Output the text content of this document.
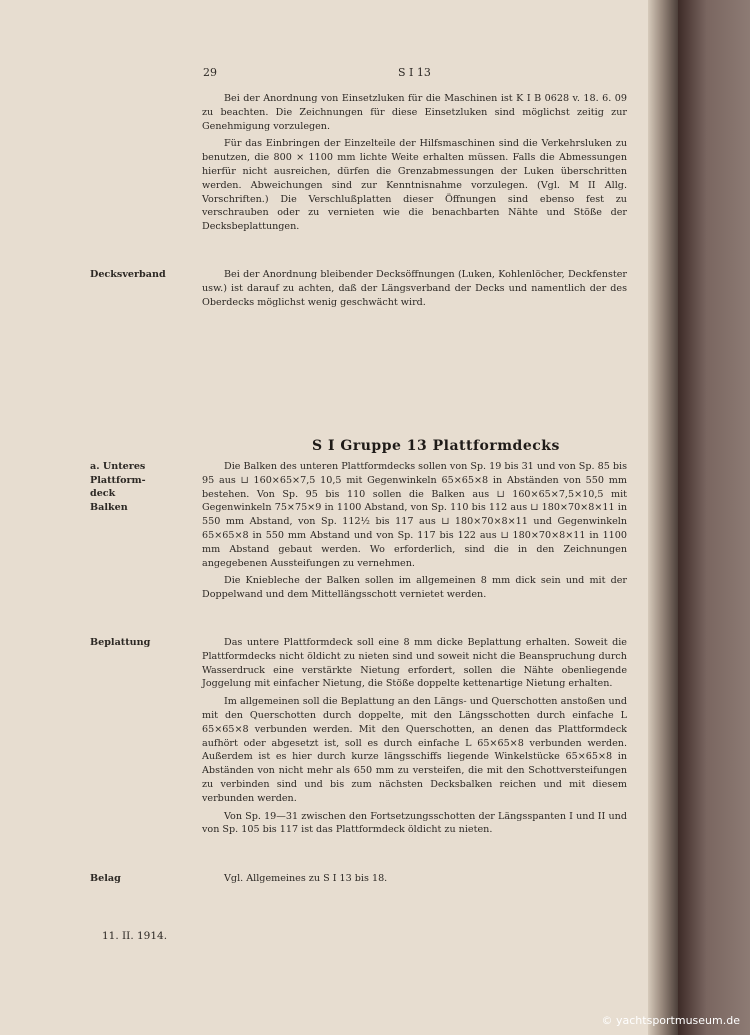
29	S I 13

Bei der Anordnung von Einsetzluken für die Maschinen ist K I B 0628 v. 18. 6. 09 zu beachten. Die Zeichnungen für diese Einsetzluken sind möglichst zeitig zur Genehmigung vorzulegen.

Für das Einbringen der Einzelteile der Hilfsmaschinen sind die Verkehrsluken zu benutzen, die 800 × 1100 mm lichte Weite erhalten müssen. Falls die Abmessungen hierfür nicht ausreichen, dürfen die Grenzabmessungen der Luken überschritten werden. Abweichungen sind zur Kenntnisnahme vorzulegen. (Vgl. M II Allg. Vorschriften.) Die Verschlußplatten dieser Öffnungen sind ebenso fest zu verschrauben oder zu vernieten wie die benachbarten Nähte und Stöße der Decksbeplattungen.

Decksverband	Bei der Anordnung bleibender Decksöffnungen (Luken, Kohlenlöcher, Deckfenster usw.) ist darauf zu achten, daß der Längsverband der Decks und namentlich der des Oberdecks möglichst wenig geschwächt wird.

S I Gruppe 13 Plattformdecks
a. Unteres Plattform-
deck
Balken

Die Balken des unteren Plattformdecks sollen von Sp. 19 bis 31 und von Sp. 85 bis 95 aus ⊔ 160×65×7,5 10,5 mit Gegenwinkeln 65×65×8 in Abständen von 550 mm bestehen. Von Sp. 95 bis 110 sollen die Balken aus ⊔ 160×65×7,5×10,5 mit Gegenwinkeln 75×75×9 in 1100 Abstand, von Sp. 110 bis 112 aus ⊔ 180×70×8×11 in 550 mm Abstand, von Sp. 112½ bis 117 aus ⊔ 180×70×8×11 und Gegenwinkeln 65×65×8 in 550 mm Abstand und von Sp. 117 bis 122 aus ⊔ 180×70×8×11 in 1100 mm Abstand gebaut werden. Wo erforderlich, sind die in den Zeichnungen angegebenen Aussteifungen zu vernehmen.

Die Kniebleche der Balken sollen im allgemeinen 8 mm dick sein und mit der Doppelwand und dem Mittellängsschott vernietet werden.

Beplattung	Das untere Plattformdeck soll eine 8 mm dicke Beplattung erhalten. Soweit die Plattformdecks nicht öldicht zu nieten sind und soweit nicht die Beanspruchung durch Wasserdruck eine verstärkte Nietung erfordert, sollen die Nähte obenliegende Joggelung mit einfacher Nietung, die Stöße doppelte kettenartige Nietung erhalten.

Im allgemeinen soll die Beplattung an den Längs- und Querschotten anstoßen und mit den Querschotten durch doppelte, mit den Längsschotten durch einfache L 65×65×8 verbunden werden. Mit den Querschotten, an denen das Plattformdeck aufhört oder abgesetzt ist, soll es durch einfache L 65×65×8 verbunden werden. Außerdem ist es hier durch kurze längsschiffs liegende Winkelstücke 65×65×8 in Abständen von nicht mehr als 650 mm zu versteifen, die mit den Schottversteifungen zu verbinden sind und bis zum nächsten Decksbalken reichen und mit diesem verbunden werden.

Von Sp. 19—31 zwischen den Fortsetzungsschotten der Längsspanten I und II und von Sp. 105 bis 117 ist das Plattformdeck öldicht zu nieten.

Belag	Vgl. Allgemeines zu S I 13 bis 18.

11. II. 1914.
© yachtsportmuseum.de
